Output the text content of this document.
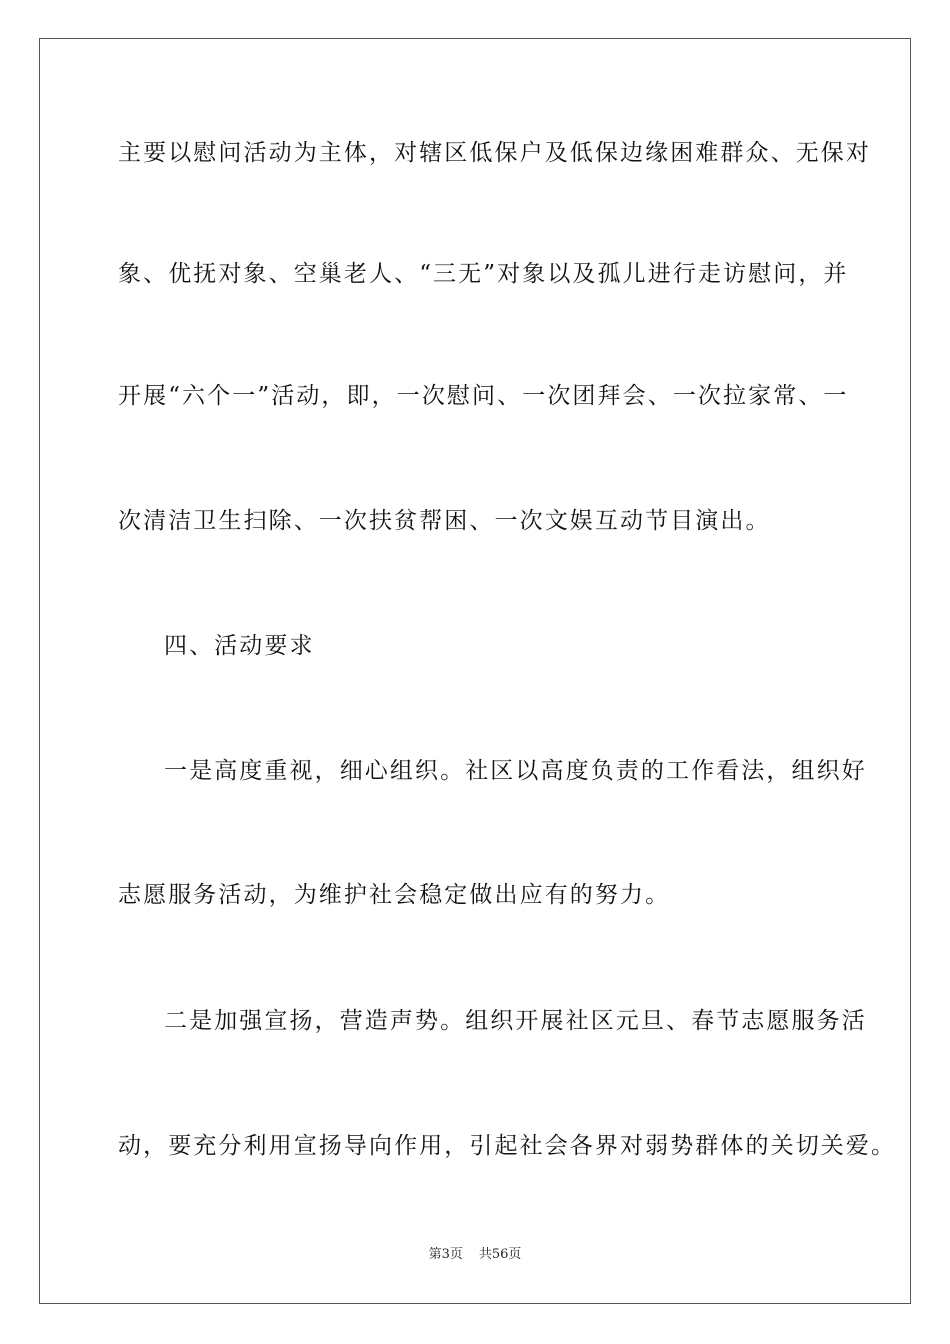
主要以慰问活动为主体，对辖区低保户及低保边缘困难群众、无保对
象、优抚对象、空巢老人、“三无”对象以及孤儿进行走访慰问，并
开展“六个一”活动，即，一次慰问、一次团拜会、一次拉家常、一
次清洁卫生扫除、一次扶贫帮困、一次文娱互动节目演出。
四、活动要求
一是高度重视，细心组织。社区以高度负责的工作看法，组织好
志愿服务活动，为维护社会稳定做出应有的努力。
二是加强宣扬，营造声势。组织开展社区元旦、春节志愿服务活
动，要充分利用宣扬导向作用，引起社会各界对弱势群体的关切关爱。
第3页 共56页
